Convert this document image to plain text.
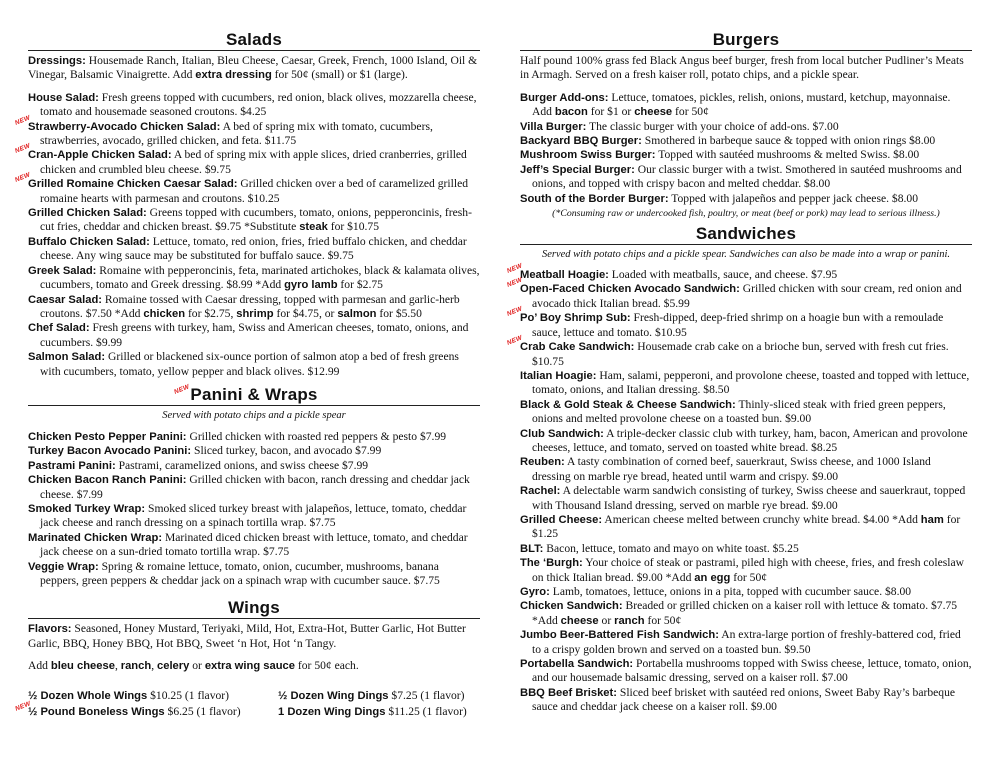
Salads

Dressings: Housemade Ranch, Italian, Bleu Cheese, Caesar, Greek, French, 1000 Island, Oil & Vinegar, Balsamic Vinaigrette. Add extra dressing for 50¢ (small) or $1 (large).

House Salad: Fresh greens topped with cucumbers, red onion, black olives, mozzarella cheese, tomato and housemade seasoned croutons. $4.25

NEW
Strawberry-Avocado Chicken Salad: A bed of spring mix with tomato, cucumbers, strawberries, avocado, grilled chicken, and feta. $11.75

NEW
Cran-Apple Chicken Salad: A bed of spring mix with apple slices, dried cranberries, grilled chicken and crumbled bleu cheese. $9.75

NEW
Grilled Romaine Chicken Caesar Salad: Grilled chicken over a bed of caramelized grilled romaine hearts with parmesan and croutons. $10.25

Grilled Chicken Salad: Greens topped with cucumbers, tomato, onions, pepperoncinis, fresh-cut fries, cheddar and chicken breast. $9.75 *Substitute steak for $10.75

Buffalo Chicken Salad: Lettuce, tomato, red onion, fries, fried buffalo chicken, and cheddar cheese. Any wing sauce may be substituted for buffalo sauce. $9.75

Greek Salad: Romaine with pepperoncinis, feta, marinated artichokes, black & kalamata olives, cucumbers, tomato and Greek dressing. $8.99 *Add gyro lamb for $2.75

Caesar Salad: Romaine tossed with Caesar dressing, topped with parmesan and garlic-herb croutons. $7.50 *Add chicken for $2.75, shrimp for $4.75, or salmon for $5.50

Chef Salad: Fresh greens with turkey, ham, Swiss and American cheeses, tomato, onions, and cucumbers. $9.99

Salmon Salad: Grilled or blackened six-ounce portion of salmon atop a bed of fresh greens with cucumbers, tomato, yellow pepper and black olives. $12.99

NEW Panini & Wraps
Served with potato chips and a pickle spear

Chicken Pesto Pepper Panini: Grilled chicken with roasted red peppers & pesto $7.99

Turkey Bacon Avocado Panini: Sliced turkey, bacon, and avocado $7.99

Pastrami Panini: Pastrami, caramelized onions, and swiss cheese $7.99

Chicken Bacon Ranch Panini: Grilled chicken with bacon, ranch dressing and cheddar jack cheese. $7.99

Smoked Turkey Wrap: Smoked sliced turkey breast with jalapeños, lettuce, tomato, cheddar jack cheese and ranch dressing on a spinach tortilla wrap. $7.75

Marinated Chicken Wrap: Marinated diced chicken breast with lettuce, tomato, and cheddar jack cheese on a sun-dried tomato tortilla wrap. $7.75

Veggie Wrap: Spring & romaine lettuce, tomato, onion, cucumber, mushrooms, banana peppers, green peppers & cheddar jack on a spinach wrap with cucumber sauce. $7.75

Wings

Flavors: Seasoned, Honey Mustard, Teriyaki, Mild, Hot, Extra-Hot, Butter Garlic, Hot Butter Garlic, BBQ, Honey BBQ, Hot BBQ, Sweet ‘n Hot, Hot ‘n Tangy.

Add bleu cheese, ranch, celery or extra wing sauce for 50¢ each.

½ Dozen Whole Wings $10.25 (1 flavor)	½ Dozen Wing Dings $7.25 (1 flavor)
NEW
½ Pound Boneless Wings $6.25 (1 flavor)	1 Dozen Wing Dings $11.25 (1 flavor)
Burgers

Half pound 100% grass fed Black Angus beef burger, fresh from local butcher Pudliner’s Meats in Armagh. Served on a fresh kaiser roll, potato chips, and a pickle spear.

Burger Add-ons: Lettuce, tomatoes, pickles, relish, onions, mustard, ketchup, mayonnaise. Add bacon for $1 or cheese for 50¢

Villa Burger: The classic burger with your choice of add-ons. $7.00

Backyard BBQ Burger: Smothered in barbeque sauce & topped with onion rings $8.00

Mushroom Swiss Burger: Topped with sautéed mushrooms & melted Swiss. $8.00

Jeff’s Special Burger: Our classic burger with a twist. Smothered in sautéed mushrooms and onions, and topped with crispy bacon and melted cheddar. $8.00

South of the Border Burger: Topped with jalapeños and pepper jack cheese. $8.00

(*Consuming raw or undercooked fish, poultry, or meat (beef or pork) may lead to serious illness.)
Sandwiches
Served with potato chips and a pickle spear. Sandwiches can also be made into a wrap or panini.

NEW
Meatball Hoagie: Loaded with meatballs, sauce, and cheese. $7.95

NEW
Open-Faced Chicken Avocado Sandwich: Grilled chicken with sour cream, red onion and avocado thick Italian bread. $5.99

NEW
Po’ Boy Shrimp Sub: Fresh-dipped, deep-fried shrimp on a hoagie bun with a remoulade sauce, lettuce and tomato. $10.95

NEW
Crab Cake Sandwich: Housemade crab cake on a brioche bun, served with fresh cut fries. $10.75

Italian Hoagie: Ham, salami, pepperoni, and provolone cheese, toasted and topped with lettuce, tomato, onions, and Italian dressing. $8.50

Black & Gold Steak & Cheese Sandwich: Thinly-sliced steak with fried green peppers, onions and melted provolone cheese on a toasted bun. $9.00

Club Sandwich: A triple-decker classic club with turkey, ham, bacon, American and provolone cheeses, lettuce, and tomato, served on toasted white bread. $8.25

Reuben: A tasty combination of corned beef, sauerkraut, Swiss cheese, and 1000 Island dressing on marble rye bread, heated until warm and crispy. $9.00

Rachel: A delectable warm sandwich consisting of turkey, Swiss cheese and sauerkraut, topped with Thousand Island dressing, served on marble rye bread. $9.00

Grilled Cheese: American cheese melted between crunchy white bread. $4.00 *Add ham for $1.25

BLT: Bacon, lettuce, tomato and mayo on white toast. $5.25

The ‘Burgh: Your choice of steak or pastrami, piled high with cheese, fries, and fresh coleslaw on thick Italian bread. $9.00 *Add an egg for 50¢

Gyro: Lamb, tomatoes, lettuce, onions in a pita, topped with cucumber sauce. $8.00

Chicken Sandwich: Breaded or grilled chicken on a kaiser roll with lettuce & tomato. $7.75 *Add cheese or ranch for 50¢

Jumbo Beer-Battered Fish Sandwich: An extra-large portion of freshly-battered cod, fried to a crispy golden brown and served on a toasted bun. $9.50

Portabella Sandwich: Portabella mushrooms topped with Swiss cheese, lettuce, tomato, onion, and our housemade balsamic dressing, served on a kaiser roll. $7.00

BBQ Beef Brisket: Sliced beef brisket with sautéed red onions, Sweet Baby Ray’s barbeque sauce and cheddar jack cheese on a kaiser roll. $9.00
